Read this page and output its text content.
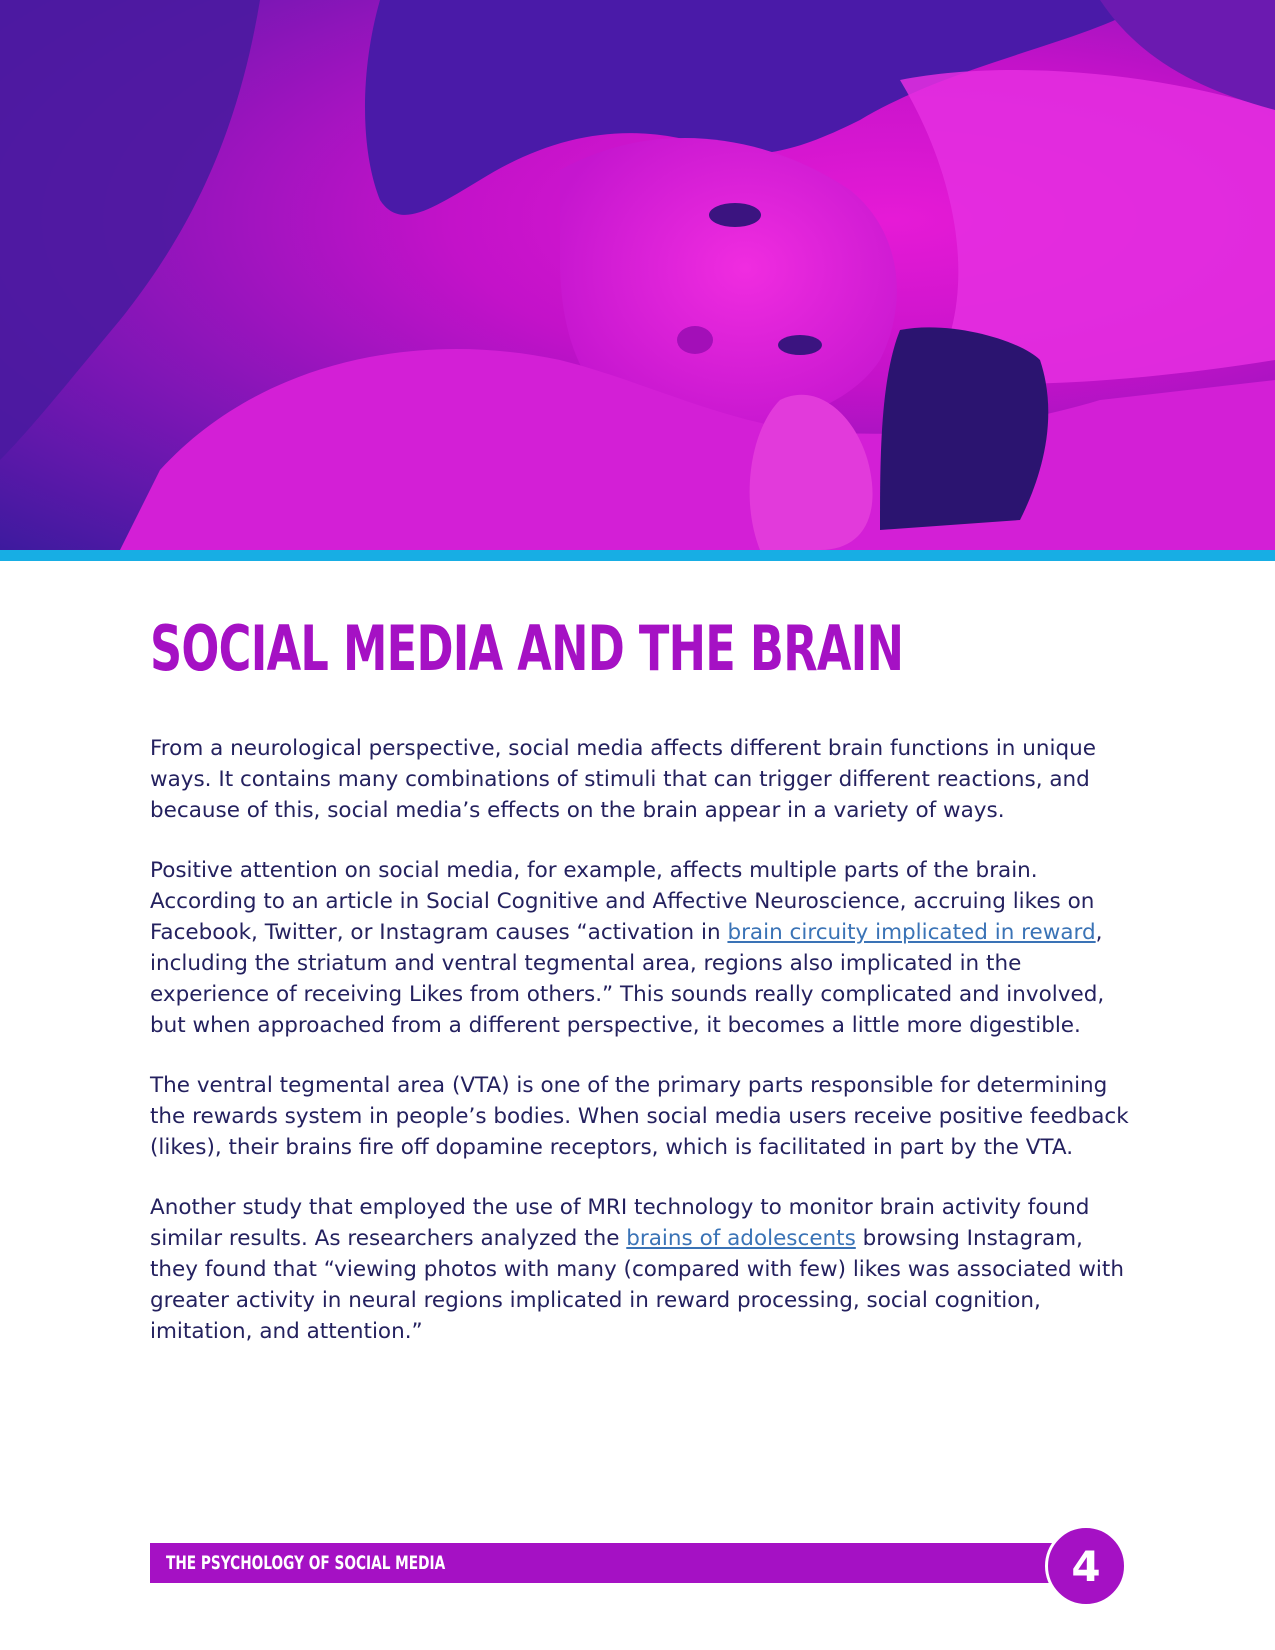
SOCIAL MEDIA AND THE BRAIN

From a neurological perspective, social media affects different brain functions in unique ways. It contains many combinations of stimuli that can trigger different reactions, and because of this, social media’s effects on the brain appear in a variety of ways.

Positive attention on social media, for example, affects multiple parts of the brain. According to an article in Social Cognitive and Affective Neuroscience, accruing likes on Facebook, Twitter, or Instagram causes “activation in brain circuity implicated in reward, including the striatum and ventral tegmental area, regions also implicated in the experience of receiving Likes from others.” This sounds really complicated and involved, but when approached from a different perspective, it becomes a little more digestible.

The ventral tegmental area (VTA) is one of the primary parts responsible for determining the rewards system in people’s bodies. When social media users receive positive feedback (likes), their brains fire off dopamine receptors, which is facilitated in part by the VTA.

Another study that employed the use of MRI technology to monitor brain activity found similar results. As researchers analyzed the brains of adolescents browsing Instagram, they found that “viewing photos with many (compared with few) likes was associated with greater activity in neural regions implicated in reward processing, social cognition, imitation, and attention.”

THE PSYCHOLOGY OF SOCIAL MEDIA	4
